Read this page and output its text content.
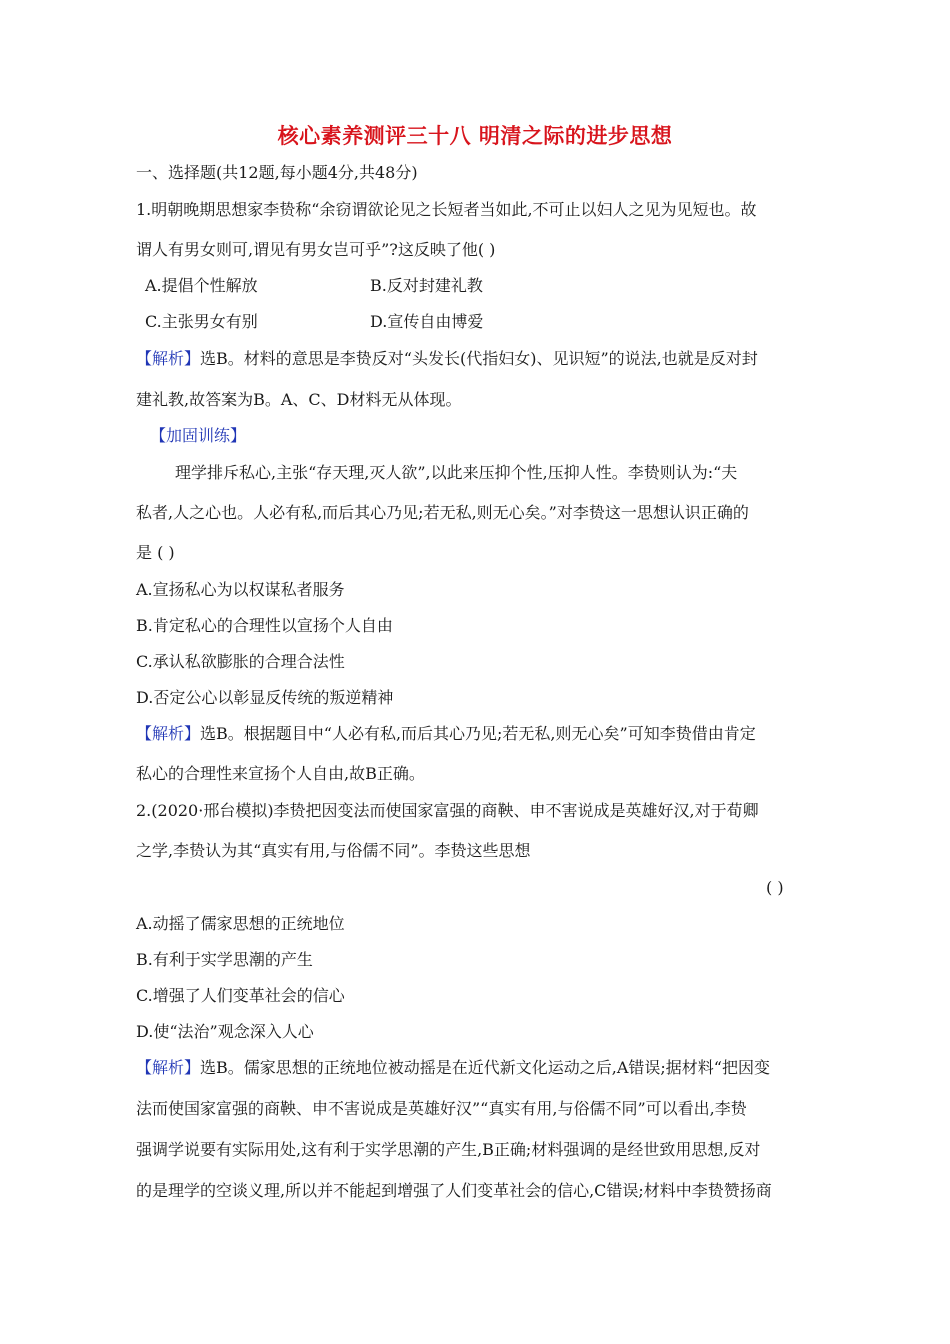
核心素养测评三十八 明清之际的进步思想
一、选择题(共12题,每小题4分,共48分)
1.明朝晚期思想家李贽称“余窃谓欲论见之长短者当如此,不可止以妇人之见为见短也。故
谓人有男女则可,谓见有男女岂可乎”?这反映了他( )
A.提倡个性解放	B.反对封建礼教
C.主张男女有别	D.宣传自由博爱
【解析】选B。材料的意思是李贽反对“头发长(代指妇女)、见识短”的说法,也就是反对封
建礼教,故答案为B。A、C、D材料无从体现。
【加固训练】
理学排斥私心,主张“存天理,灭人欲”,以此来压抑个性,压抑人性。李贽则认为:“夫
私者,人之心也。人必有私,而后其心乃见;若无私,则无心矣。”对李贽这一思想认识正确的
是 ( )
A.宣扬私心为以权谋私者服务
B.肯定私心的合理性以宣扬个人自由
C.承认私欲膨胀的合理合法性
D.否定公心以彰显反传统的叛逆精神
【解析】选B。根据题目中“人必有私,而后其心乃见;若无私,则无心矣”可知李贽借由肯定
私心的合理性来宣扬个人自由,故B正确。
2.(2020·邢台模拟)李贽把因变法而使国家富强的商鞅、申不害说成是英雄好汉,对于荀卿
之学,李贽认为其“真实有用,与俗儒不同”。李贽这些思想
( )
A.动摇了儒家思想的正统地位
B.有利于实学思潮的产生
C.增强了人们变革社会的信心
D.使“法治”观念深入人心
【解析】选B。儒家思想的正统地位被动摇是在近代新文化运动之后,A错误;据材料“把因变
法而使国家富强的商鞅、申不害说成是英雄好汉”“真实有用,与俗儒不同”可以看出,李贽
强调学说要有实际用处,这有利于实学思潮的产生,B正确;材料强调的是经世致用思想,反对
的是理学的空谈义理,所以并不能起到增强了人们变革社会的信心,C错误;材料中李贽赞扬商
